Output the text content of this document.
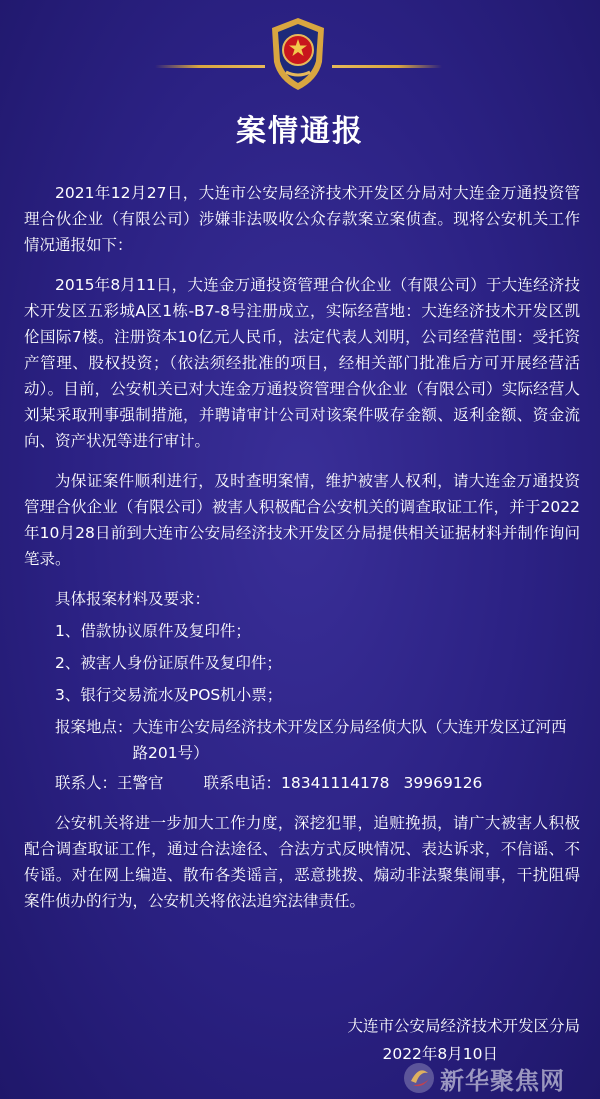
案情通报

2021年12月27日，大连市公安局经济技术开发区分局对大连金万通投资管理合伙企业（有限公司）涉嫌非法吸收公众存款案立案侦查。现将公安机关工作情况通报如下：

2015年8月11日，大连金万通投资管理合伙企业（有限公司）于大连经济技术开发区五彩城A区1栋-B7-8号注册成立，实际经营地：大连经济技术开发区凯伦国际7楼。注册资本10亿元人民币，法定代表人刘明，公司经营范围：受托资产管理、股权投资；（依法须经批准的项目，经相关部门批准后方可开展经营活动）。目前，公安机关已对大连金万通投资管理合伙企业（有限公司）实际经营人刘某采取刑事强制措施，并聘请审计公司对该案件吸存金额、返利金额、资金流向、资产状况等进行审计。

为保证案件顺利进行，及时查明案情，维护被害人权利，请大连金万通投资管理合伙企业（有限公司）被害人积极配合公安机关的调查取证工作，并于2022年10月28日前到大连市公安局经济技术开发区分局提供相关证据材料并制作询问笔录。

具体报案材料及要求：
1、借款协议原件及复印件；
2、被害人身份证原件及复印件；
3、银行交易流水及POS机小票；
报案地点： 大连市公安局经济技术开发区分局经侦大队（大连开发区辽河西路201号）
联系人：王警官	联系电话：18341114178 39969126

公安机关将进一步加大工作力度，深挖犯罪，追赃挽损，请广大被害人积极配合调查取证工作，通过合法途径、合法方式反映情况、表达诉求，不信谣、不传谣。对在网上编造、散布各类谣言，恶意挑拨、煽动非法聚集闹事，干扰阻碍案件侦办的行为，公安机关将依法追究法律责任。

大连市公安局经济技术开发区分局
2022年8月10日
新华聚焦网
